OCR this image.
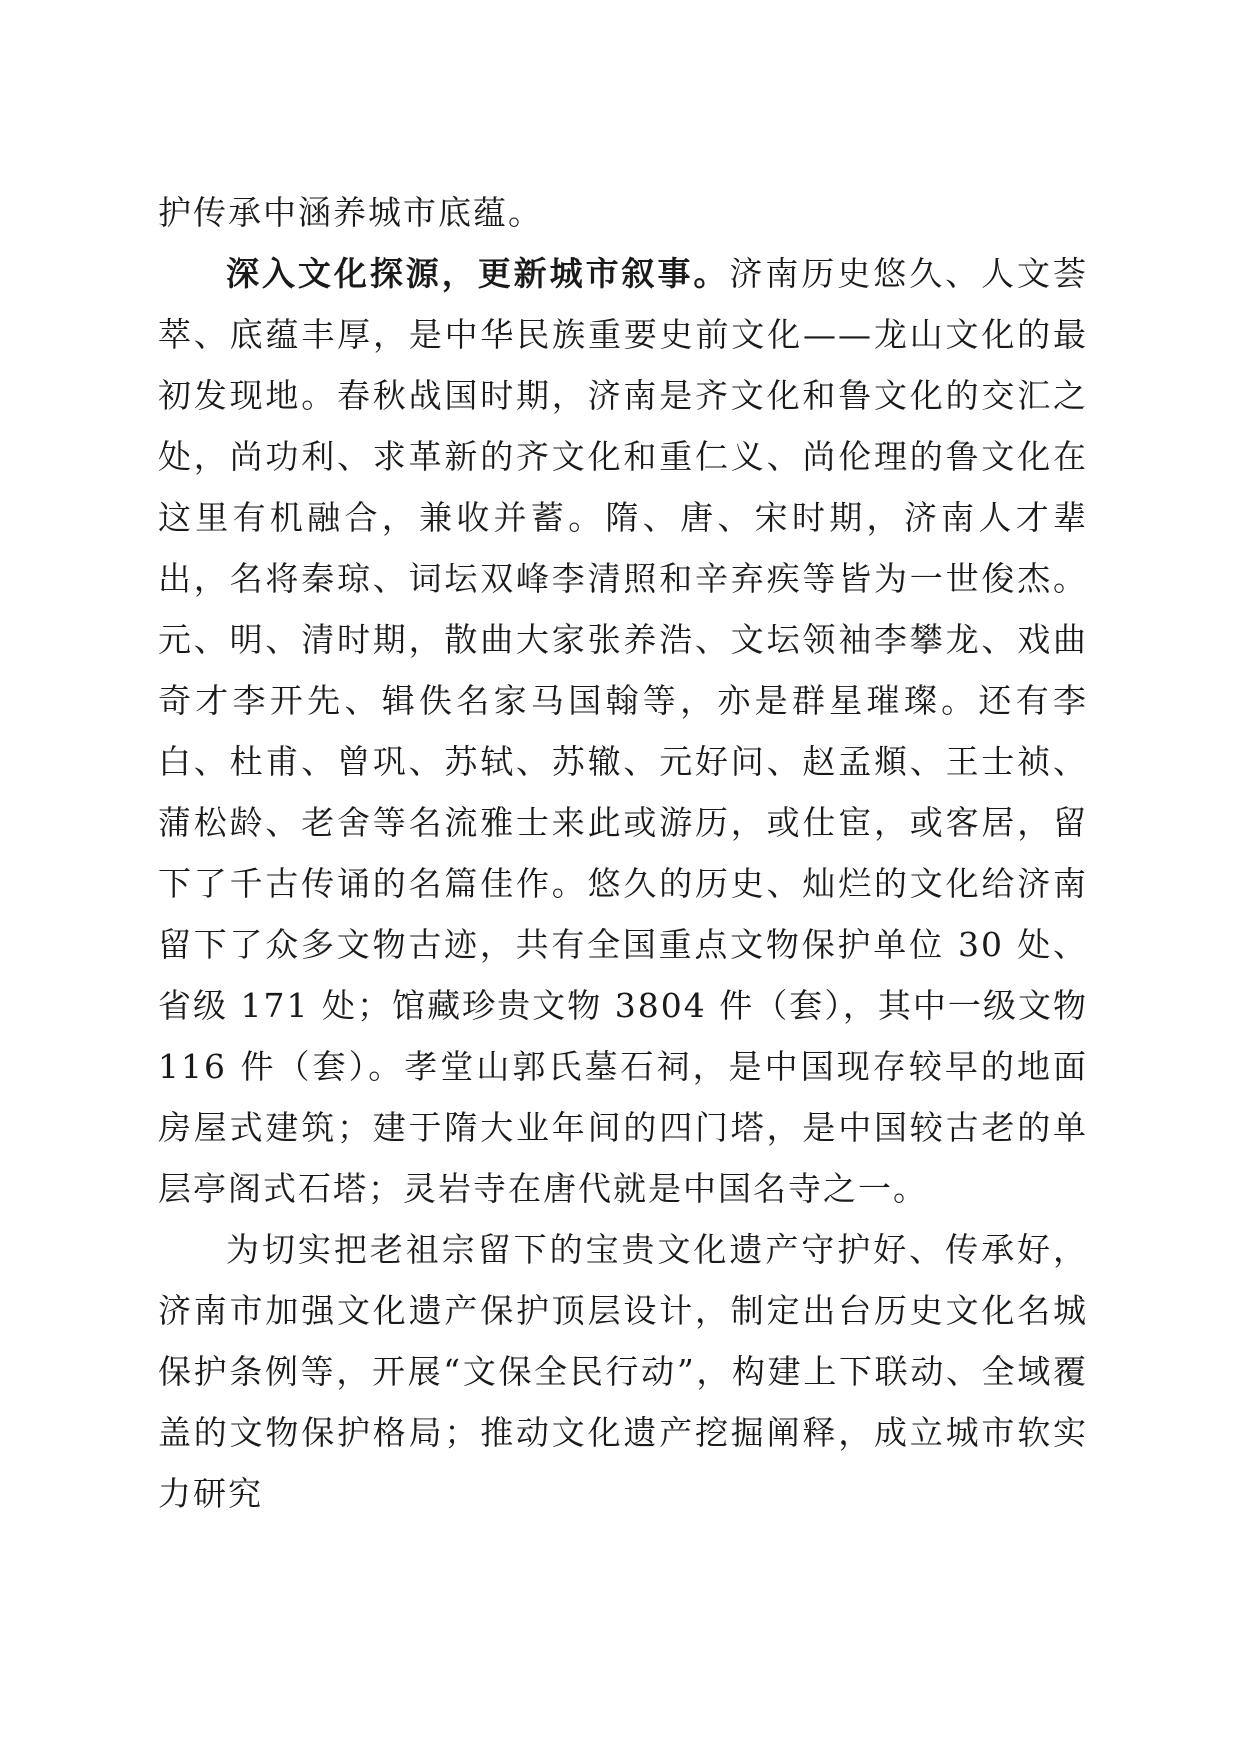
护传承中涵养城市底蕴。

深入文化探源，更新城市叙事。济南历史悠久、人文荟萃、底蕴丰厚，是中华民族重要史前文化——龙山文化的最初发现地。春秋战国时期，济南是齐文化和鲁文化的交汇之处，尚功利、求革新的齐文化和重仁义、尚伦理的鲁文化在这里有机融合，兼收并蓄。隋、唐、宋时期，济南人才辈出，名将秦琼、词坛双峰李清照和辛弃疾等皆为一世俊杰。元、明、清时期，散曲大家张养浩、文坛领袖李攀龙、戏曲奇才李开先、辑佚名家马国翰等，亦是群星璀璨。还有李白、杜甫、曾巩、苏轼、苏辙、元好问、赵孟頫、王士祯、蒲松龄、老舍等名流雅士来此或游历，或仕宦，或客居，留下了千古传诵的名篇佳作。悠久的历史、灿烂的文化给济南留下了众多文物古迹，共有全国重点文物保护单位 30 处、省级 171 处；馆藏珍贵文物 3804 件（套），其中一级文物 116 件（套）。孝堂山郭氏墓石祠，是中国现存较早的地面房屋式建筑；建于隋大业年间的四门塔，是中国较古老的单层亭阁式石塔；灵岩寺在唐代就是中国名寺之一。

为切实把老祖宗留下的宝贵文化遗产守护好、传承好，济南市加强文化遗产保护顶层设计，制定出台历史文化名城保护条例等，开展“文保全民行动”，构建上下联动、全域覆盖的文物保护格局；推动文化遗产挖掘阐释，成立城市软实力研究
